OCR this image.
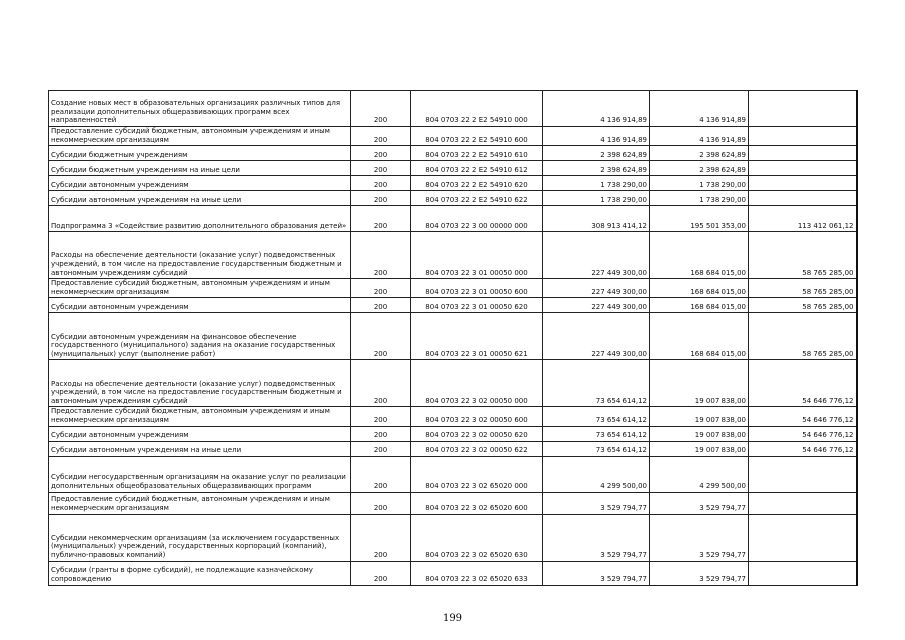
Создание новых мест в образовательных организациях различных типов для реализации дополнительных общеразвивающих программ всех направленностей	200	804 0703 22 2 E2 54910 000	4 136 914,89	4 136 914,89	
Предоставление субсидий бюджетным, автономным учреждениям и иным некоммерческим организациям	200	804 0703 22 2 E2 54910 600	4 136 914,89	4 136 914,89	
Субсидии бюджетным учреждениям	200	804 0703 22 2 E2 54910 610	2 398 624,89	2 398 624,89	
Субсидии бюджетным учреждениям на иные цели	200	804 0703 22 2 E2 54910 612	2 398 624,89	2 398 624,89	
Субсидии автономным учреждениям	200	804 0703 22 2 E2 54910 620	1 738 290,00	1 738 290,00	
Субсидии автономным учреждениям на иные цели	200	804 0703 22 2 E2 54910 622	1 738 290,00	1 738 290,00	
Подпрограмма 3 «Содействие развитию дополнительного образования детей»	200	804 0703 22 3 00 00000 000	308 913 414,12	195 501 353,00	113 412 061,12
Расходы на обеспечение деятельности (оказание услуг) подведомственных учреждений, в том числе на предоставление государственным бюджетным и автономным учреждениям субсидий	200	804 0703 22 3 01 00050 000	227 449 300,00	168 684 015,00	58 765 285,00
Предоставление субсидий бюджетным, автономным учреждениям и иным некоммерческим организациям	200	804 0703 22 3 01 00050 600	227 449 300,00	168 684 015,00	58 765 285,00
Субсидии автономным учреждениям	200	804 0703 22 3 01 00050 620	227 449 300,00	168 684 015,00	58 765 285,00
Субсидии автономным учреждениям на финансовое обеспечение государственного (муниципального) задания на оказание государственных (муниципальных) услуг (выполнение работ)	200	804 0703 22 3 01 00050 621	227 449 300,00	168 684 015,00	58 765 285,00
Расходы на обеспечение деятельности (оказание услуг) подведомственных учреждений, в том числе на предоставление государственным бюджетным и автономным учреждениям субсидий	200	804 0703 22 3 02 00050 000	73 654 614,12	19 007 838,00	54 646 776,12
Предоставление субсидий бюджетным, автономным учреждениям и иным некоммерческим организациям	200	804 0703 22 3 02 00050 600	73 654 614,12	19 007 838,00	54 646 776,12
Субсидии автономным учреждениям	200	804 0703 22 3 02 00050 620	73 654 614,12	19 007 838,00	54 646 776,12
Субсидии автономным учреждениям на иные цели	200	804 0703 22 3 02 00050 622	73 654 614,12	19 007 838,00	54 646 776,12
Субсидии негосударственным организациям на оказание услуг по реализации дополнительных общеобразовательных общеразвивающих программ	200	804 0703 22 3 02 65020 000	4 299 500,00	4 299 500,00	
Предоставление субсидий бюджетным, автономным учреждениям и иным некоммерческим организациям	200	804 0703 22 3 02 65020 600	3 529 794,77	3 529 794,77	
Субсидии некоммерческим организациям (за исключением государственных (муниципальных) учреждений, государственных корпораций (компаний), публично-правовых компаний)	200	804 0703 22 3 02 65020 630	3 529 794,77	3 529 794,77	
Субсидии (гранты в форме субсидий), не подлежащие казначейскому сопровождению	200	804 0703 22 3 02 65020 633	3 529 794,77	3 529 794,77	
199
